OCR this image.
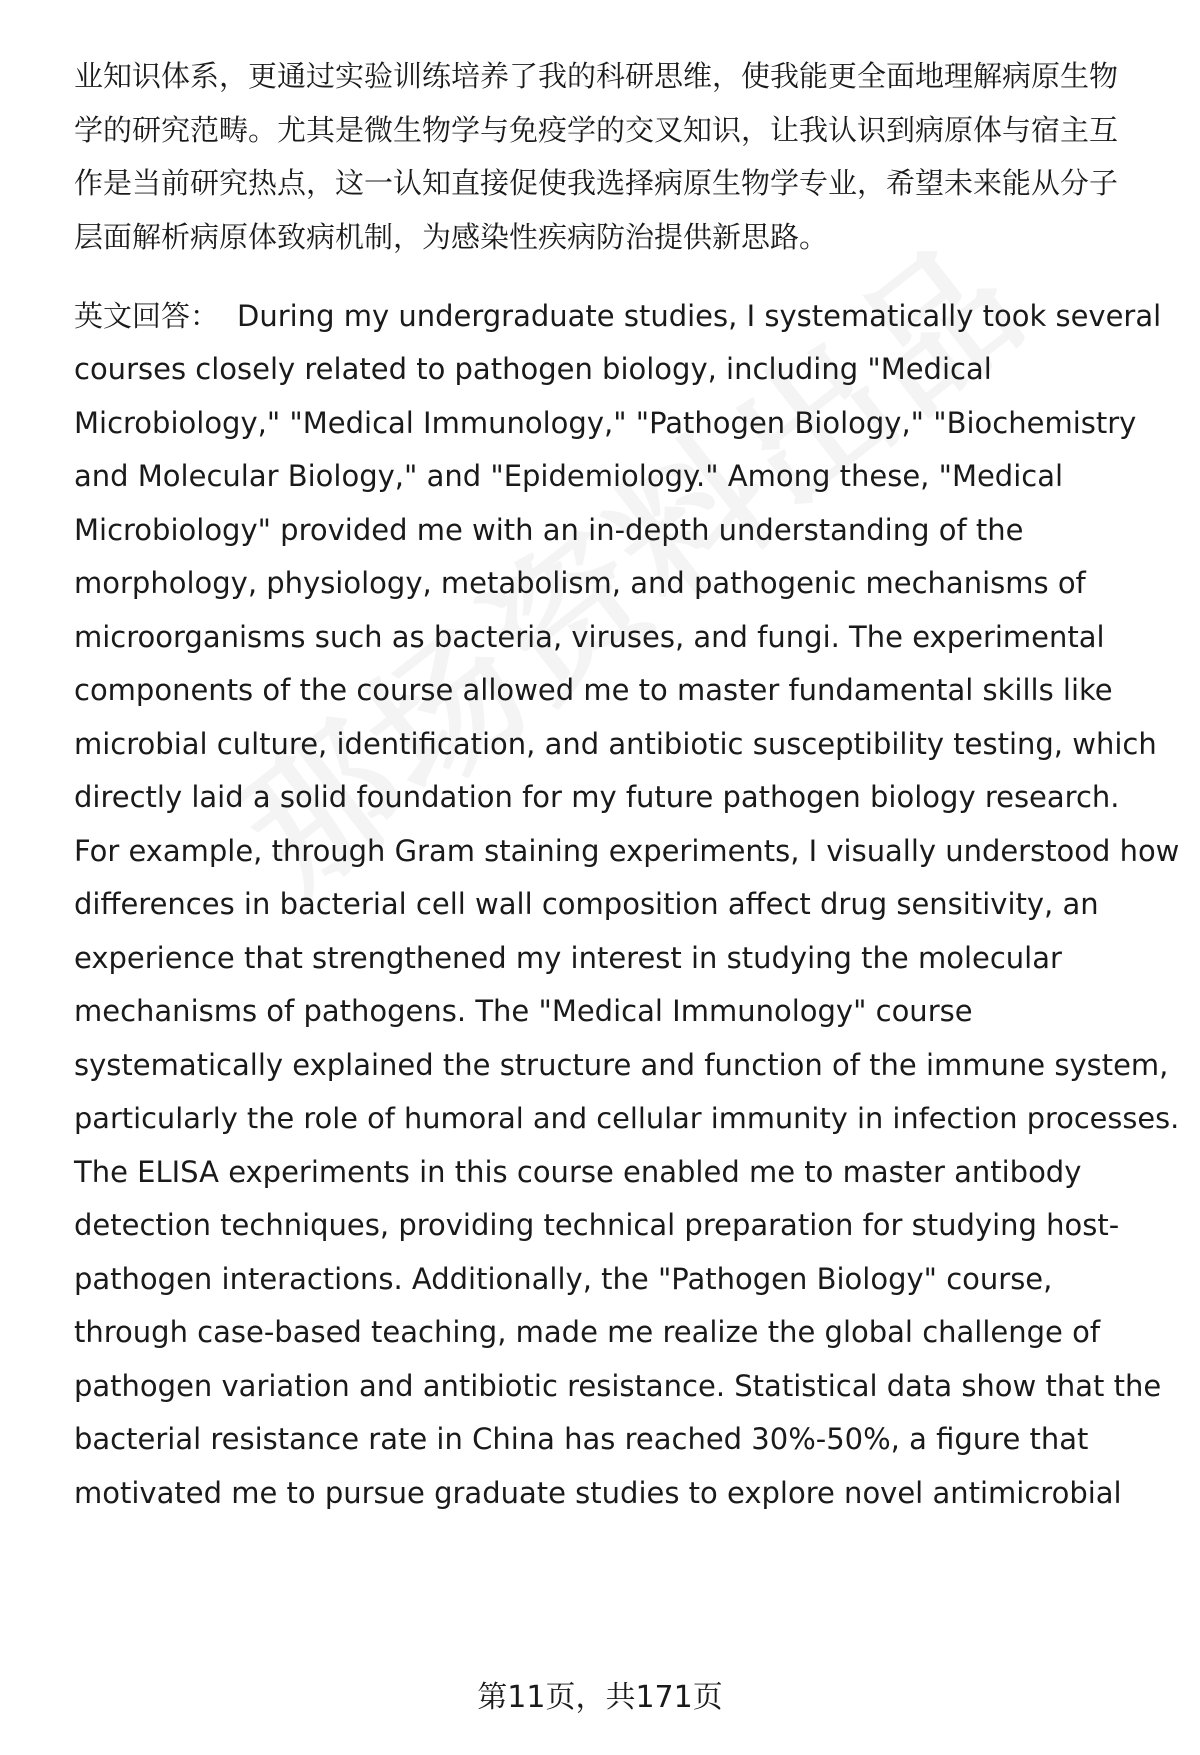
业知识体系，更通过实验训练培养了我的科研思维，使我能更全面地理解病原生物
学的研究范畴。尤其是微生物学与免疫学的交叉知识，让我认识到病原体与宿主互
作是当前研究热点，这一认知直接促使我选择病原生物学专业，希望未来能从分子
层面解析病原体致病机制，为感染性疾病防治提供新思路。
英文回答： During my undergraduate studies, I systematically took several
courses closely related to pathogen biology, including "Medical
Microbiology," "Medical Immunology," "Pathogen Biology," "Biochemistry
and Molecular Biology," and "Epidemiology." Among these, "Medical
Microbiology" provided me with an in-depth understanding of the
morphology, physiology, metabolism, and pathogenic mechanisms of
microorganisms such as bacteria, viruses, and fungi. The experimental
components of the course allowed me to master fundamental skills like
microbial culture, identification, and antibiotic susceptibility testing, which
directly laid a solid foundation for my future pathogen biology research.
For example, through Gram staining experiments, I visually understood how
differences in bacterial cell wall composition affect drug sensitivity, an
experience that strengthened my interest in studying the molecular
mechanisms of pathogens. The "Medical Immunology" course
systematically explained the structure and function of the immune system,
particularly the role of humoral and cellular immunity in infection processes.
The ELISA experiments in this course enabled me to master antibody
detection techniques, providing technical preparation for studying host-
pathogen interactions. Additionally, the "Pathogen Biology" course,
through case-based teaching, made me realize the global challenge of
pathogen variation and antibiotic resistance. Statistical data show that the
bacterial resistance rate in China has reached 30%-50%, a figure that
motivated me to pursue graduate studies to explore novel antimicrobial
第11页，共171页
